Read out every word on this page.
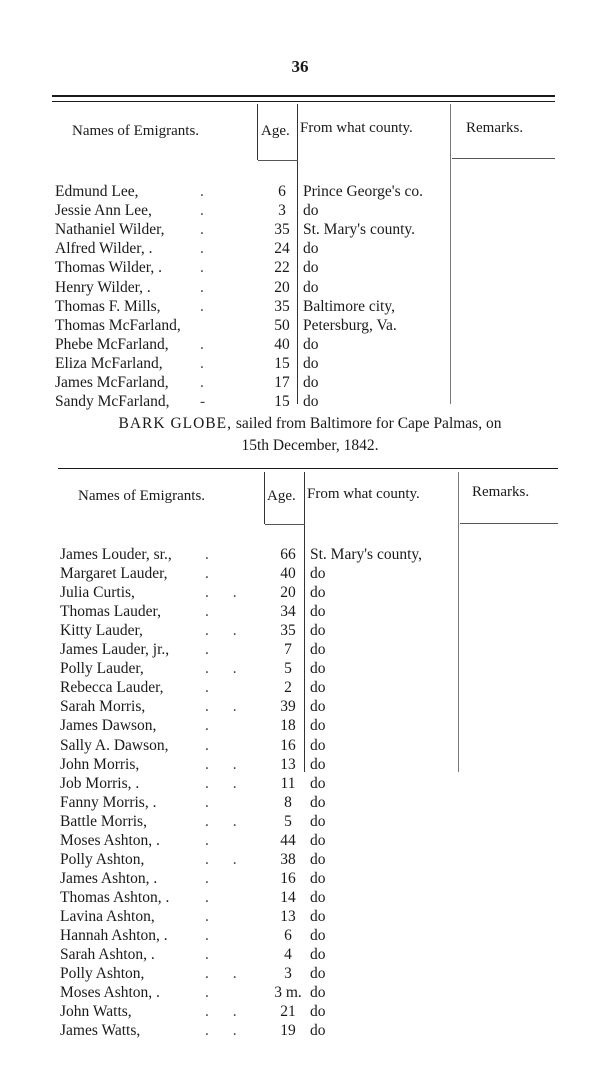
36
Names of Emigrants.	Age. From what county.	Remarks.
Edmund Lee,	.	6	Prince George's co.
Jessie Ann Lee,	.	3	do
Nathaniel Wilder, .	35 St. Mary's county.
Alfred Wilder, .	.	24 do
Thomas Wilder, . .	22 do
Henry Wilder, .	.	20 do
Thomas F. Mills,	.	35 Baltimore city,
Thomas McFarland,	50 Petersburg, Va.
Phebe McFarland, .	40 do
Eliza McFarland, .	15 do
James McFarland, .	17 do
Sandy McFarland, -	15 do
BARK GLOBE, sailed from Baltimore for Cape Palmas, on
15th December, 1842.
Names of Emigrants.	Age. From what county.	Remarks.
James Louder, sr., .	66 St. Mary's county,
Margaret Lauder, .	40 do
Julia Curtis,	. .	20 do
Thomas Lauder,	.	34 do
Kitty Lauder,	. .	35 do
James Lauder, jr., .	7	do
Polly Lauder,	. .	5	do
Rebecca Lauder,	.	2	do
Sarah Morris,	. .	39 do
James Dawson,	.	18 do
Sally A. Dawson, .	16 do
John Morris,	. .	13 do
Job Morris, .	. .	11 do
Fanny Morris, .	.	8	do
Battle Morris,	. .	5	do
Moses Ashton, .	.	44 do
Polly Ashton,	. .	38 do
James Ashton, .	.	16 do
Thomas Ashton, . .	14 do
Lavina Ashton,	.	13 do
Hannah Ashton, . .	6	do
Sarah Ashton, .	.	4	do
Polly Ashton,	. .	3	do
Moses Ashton, .	.	3 m. do
John Watts,	. .	21 do
James Watts,	. .	19 do
